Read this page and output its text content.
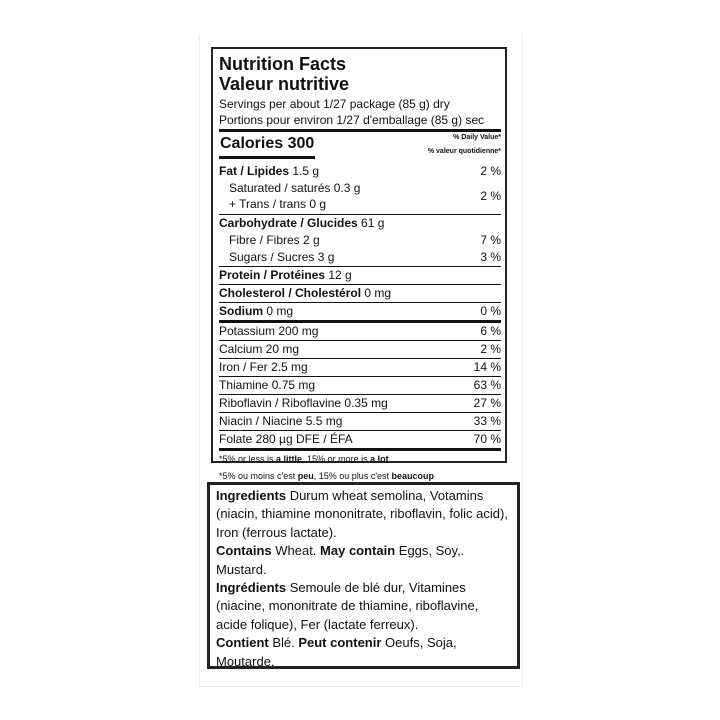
Nutrition Facts
Valeur nutritive
Servings per about 1/27 package (85 g) dry
Portions pour environ 1/27 d'emballage (85 g) sec
Calories 300	% Daily Value*
% valeur quotidienne*
Fat / Lipides 1.5 g	2 %
Saturated / saturés 0.3 g
+ Trans / trans 0 g
2 %
Carbohydrate / Glucides 61 g
Fibre / Fibres 2 g	7 %
Sugars / Sucres 3 g	3 %
Protein / Protéines 12 g
Cholesterol / Cholestérol 0 mg
Sodium 0 mg	0 %
Potassium 200 mg	6 %
Calcium 20 mg	2 %
Iron / Fer 2.5 mg	14 %
Thiamine 0.75 mg	63 %
Riboflavin / Riboflavine 0.35 mg	27 %
Niacin / Niacine 5.5 mg	33 %
Folate 280 µg DFE / ÉFA	70 %
*5% or less is a little, 15% or more is a lot
*5% ou moins c'est peu, 15% ou plus c'est beaucoup
Ingredients Durum wheat semolina, Votamins (niacin, thiamine mononitrate, riboflavin, folic acid), Iron (ferrous lactate).
Contains Wheat. May contain Eggs, Soy,. Mustard.
Ingrédients Semoule de blé dur, Vitamines (niacine, mononitrate de thiamine, riboflavine, acide folique), Fer (lactate ferreux).
Contient Blé. Peut contenir Oeufs, Soja, Moutarde.
